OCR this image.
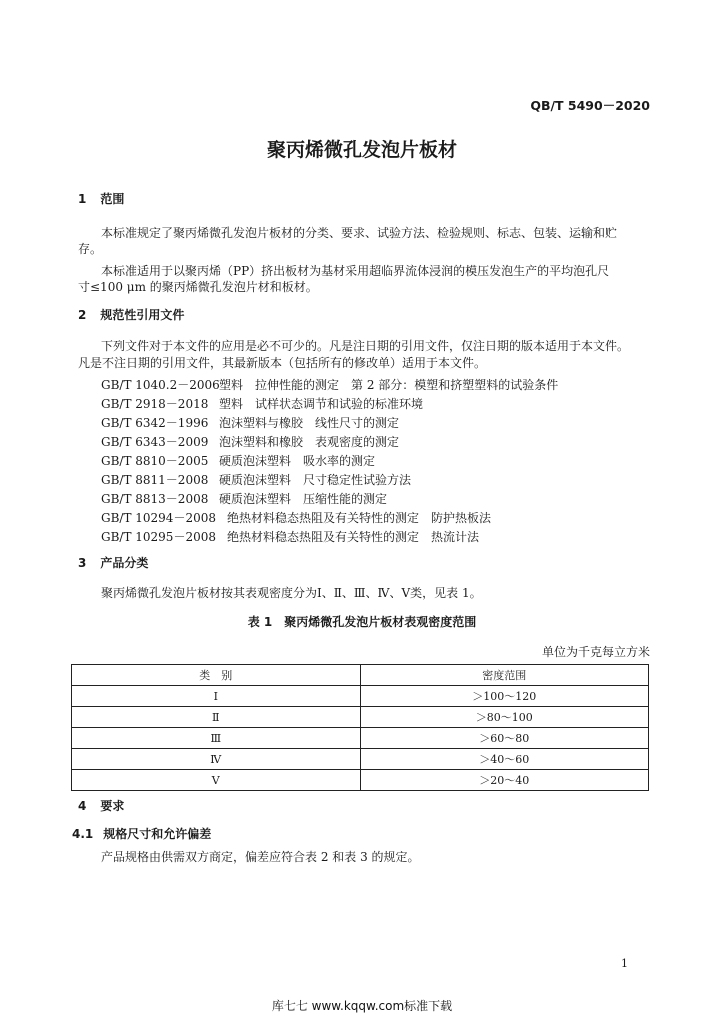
QB/T 5490－2020
聚丙烯微孔发泡片板材
1 范围
本标准规定了聚丙烯微孔发泡片板材的分类、要求、试验方法、检验规则、标志、包装、运输和贮
存。
本标准适用于以聚丙烯（PP）挤出板材为基材采用超临界流体浸润的模压发泡生产的平均泡孔尺
寸≤100 μm 的聚丙烯微孔发泡片材和板材。
2 规范性引用文件
下列文件对于本文件的应用是必不可少的。凡是注日期的引用文件，仅注日期的版本适用于本文件。
凡是不注日期的引用文件，其最新版本（包括所有的修改单）适用于本文件。
GB/T 1040.2－2006塑料　拉伸性能的测定　第 2 部分：模塑和挤塑塑料的试验条件
GB/T 2918－2018 塑料　试样状态调节和试验的标准环境
GB/T 6342－1996 泡沫塑料与橡胶　线性尺寸的测定
GB/T 6343－2009 泡沫塑料和橡胶　表观密度的测定
GB/T 8810－2005 硬质泡沫塑料　吸水率的测定
GB/T 8811－2008 硬质泡沫塑料　尺寸稳定性试验方法
GB/T 8813－2008 硬质泡沫塑料　压缩性能的测定
GB/T 10294－2008 绝热材料稳态热阻及有关特性的测定　防护热板法
GB/T 10295－2008 绝热材料稳态热阻及有关特性的测定　热流计法
3 产品分类
聚丙烯微孔发泡片板材按其表观密度分为Ⅰ、Ⅱ、Ⅲ、Ⅳ、Ⅴ类，见表 1。
表 1　聚丙烯微孔发泡片板材表观密度范围
单位为千克每立方米
类　别	密度范围
Ⅰ	＞100～120
Ⅱ	＞80～100
Ⅲ	＞60～80
Ⅳ	＞40～60
Ⅴ	＞20～40
4 要求
4.1 规格尺寸和允许偏差
产品规格由供需双方商定，偏差应符合表 2 和表 3 的规定。
1
库七七 www.kqqw.com标准下载
